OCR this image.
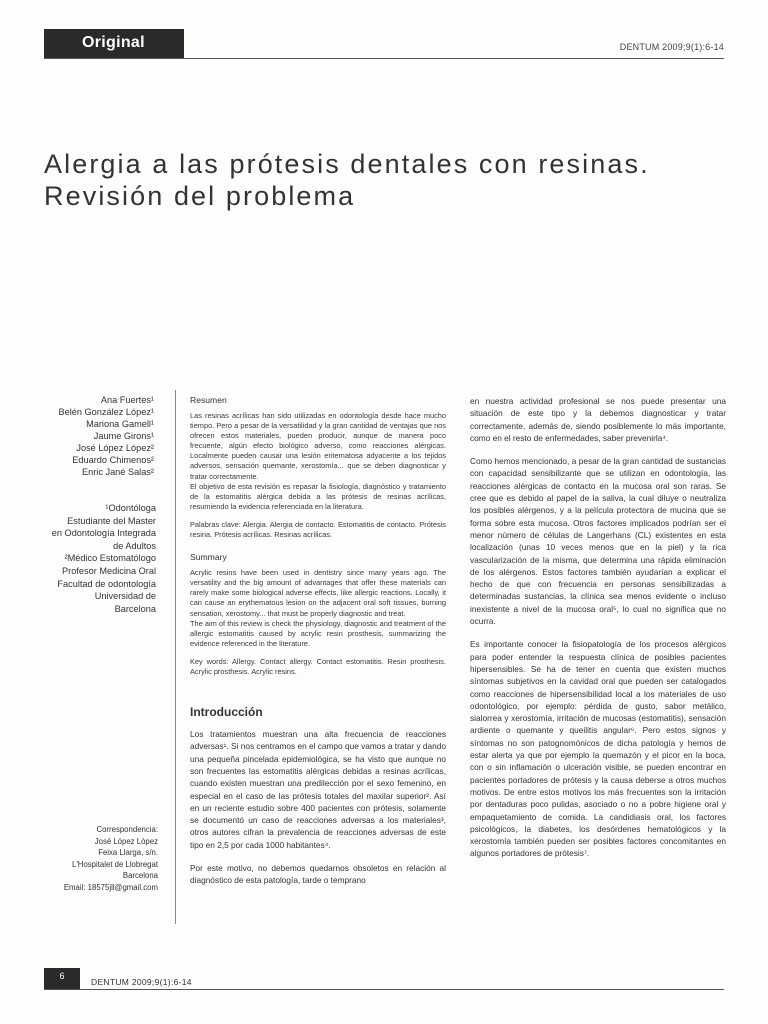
Original	DENTUM 2009;9(1):6-14
Alergia a las prótesis dentales con resinas.
Revisión del problema
Ana Fuertes¹
Belén González López¹
Mariona Gamell¹
Jaume Girons¹
José López López²
Eduardo Chimenos²
Enric Jané Salas²
¹Odontóloga
Estudiante del Master
en Odontología Integrada
de Adultos
²Médico Estomatólogo
Profesor Medicina Oral
Facultad de odontología
Universidad de
Barcelona
Correspondencia:
José López López
Feixa Llarga, s/n.
L'Hospitalet de Llobregat
Barcelona
Email: 18575jll@gmail.com
Resumen

Las resinas acrílicas han sido utilizadas en odontología desde hace mucho tiempo. Pero a pesar de la versatilidad y la gran cantidad de ventajas que nos ofrecen estos materiales, pueden producir, aunque de manera poco frecuente, algún efecto biológico adverso, como reacciones alérgicas. Localmente pueden causar una lesión eritematosa adyacente a los tejidos adversos, sensación quemante, xerostomía... que se deben diagnosticar y tratar correctamente.

El objetivo de esta revisión es repasar la fisiología, diagnóstico y tratamiento de la estomatitis alérgica debida a las prótesis de resinas acrílicas, resumiendo la evidencia referenciada en la literatura.

Palabras clave: Alergia. Alergia de contacto. Estomatitis de contacto. Prótesis resina. Prótesis acrílicas. Resinas acrílicas.

Summary

Acrylic resins have been used in dentistry since many years ago. The versatility and the big amount of advantages that offer these materials can rarely make some biological adverse effects, like allergic reactions. Locally, it can cause an erythematous lesion on the adjacent oral soft tissues, burning sensation, xerostomy... that must be properly diagnostic and treat.

The aim of this review is check the physiology, diagnostic and treatment of the allergic estomatitis caused by acrylic resin prosthesis, summarizing the evidence referenced in the literature.

Key words: Allergy. Contact allergy. Contact estomatitis. Resin prosthesis. Acrylic prosthesis. Acrylic resins.

Introducción

Los tratamientos muestran una alta frecuencia de reacciones adversas¹. Si nos centramos en el campo que vamos a tratar y dando una pequeña pincelada epidemiológica, se ha visto que aunque no son frecuentes las estomatitis alérgicas debidas a resinas acrílicas, cuando existen muestran una predilección por el sexo femenino, en especial en el caso de las prótesis totales del maxilar superior². Así en un reciente estudio sobre 400 pacientes con prótesis, solamente se documentó un caso de reacciones adversas a los materiales³, otros autores cifran la prevalencia de reacciones adversas de este tipo en 2,5 por cada 1000 habitantes⁴.

Por este motivo, no debemos quedarnos obsoletos en relación al diagnóstico de esta patología, tarde o temprano

en nuestra actividad profesional se nos puede presentar una situación de este tipo y la debemos diagnosticar y tratar correctamente, además de, siendo posiblemente lo más importante, como en el resto de enfermedades, saber prevenirla⁴.

Como hemos mencionado, a pesar de la gran cantidad de sustancias con capacidad sensibilizante que se utilizan en odontología, las reacciones alérgicas de contacto en la mucosa oral son raras. Se cree que es debido al papel de la saliva, la cual diluye o neutraliza los posibles alérgenos, y a la película protectora de mucina que se forma sobre esta mucosa. Otros factores implicados podrían ser el menor número de células de Langerhans (CL) existentes en esta localización (unas 10 veces menos que en la piel) y la rica vascularización de la misma, que determina una rápida eliminación de los alérgenos. Estos factores también ayudarían a explicar el hecho de que con frecuencia en personas sensibilizadas a determinadas sustancias, la clínica sea menos evidente o incluso inexistente a nivel de la mucosa oral⁵, lo cual no significa que no ocurra.

Es importante conocer la fisiopatología de los procesos alérgicos para poder entender la respuesta clínica de posibles pacientes hipersensibles. Se ha de tener en cuenta que existen muchos síntomas subjetivos en la cavidad oral que pueden ser catalogados como reacciones de hipersensibilidad local a los materiales de uso odontológico, por ejemplo: pérdida de gusto, sabor metálico, sialorrea y xerostomía, irritación de mucosas (estomatitis), sensación ardiente o quemante y queilitis angular⁶. Pero estos signos y síntomas no son patognomónicos de dicha patología y hemos de estar alerta ya que por ejemplo la quemazón y el picor en la boca, con o sin inflamación o ulceración visible, se pueden encontrar en pacientes portadores de prótesis y la causa deberse a otros muchos motivos. De entre estos motivos los más frecuentes son la irritación por dentaduras poco pulidas, asociado o no a pobre higiene oral y empaquetamiento de comida. La candidiasis oral, los factores psicológicos, la diabetes, los desórdenes hematológicos y la xerostomía también pueden ser posibles factores concomitantes en algunos portadores de prótesis⁷.

6
DENTUM 2009;9(1):6-14
